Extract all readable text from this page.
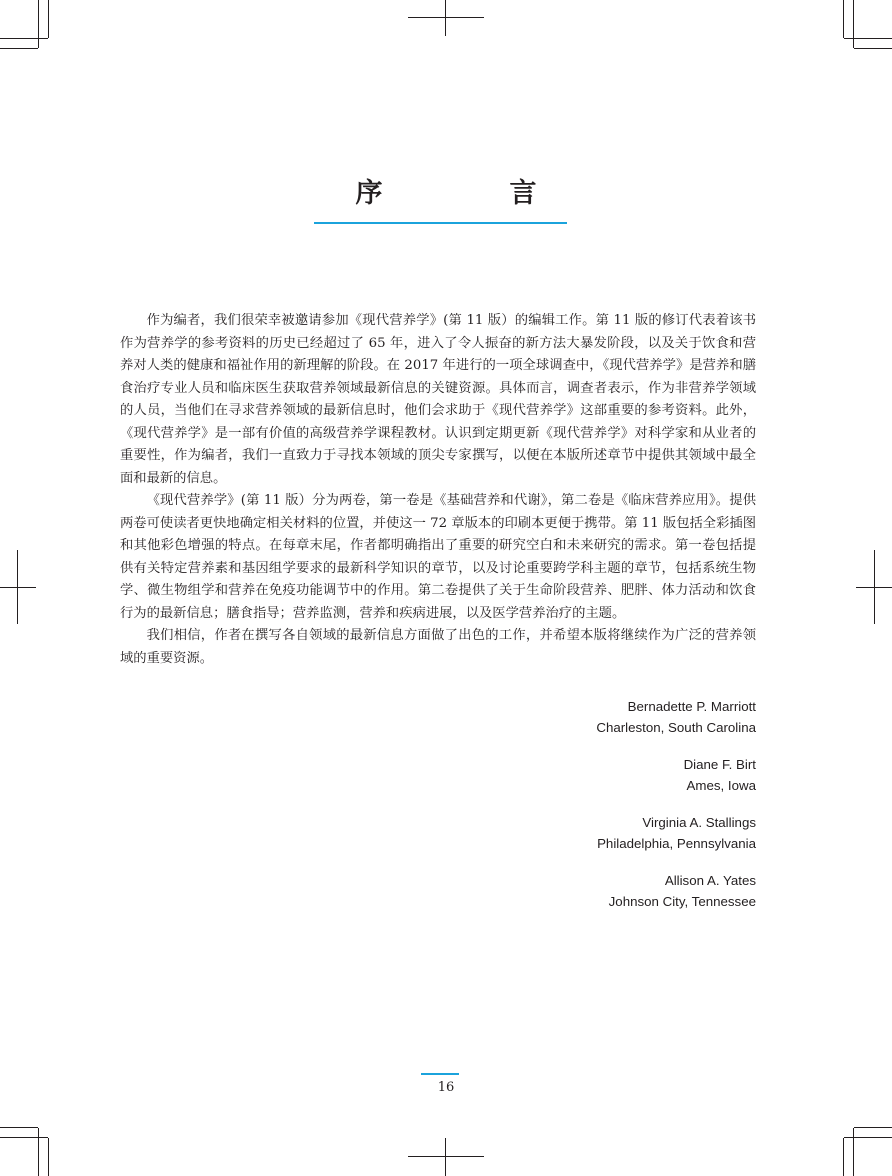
序　言

作为编者，我们很荣幸被邀请参加《现代营养学》(第 11 版）的编辑工作。第 11 版的修订代表着该书作为营养学的参考资料的历史已经超过了 65 年，进入了令人振奋的新方法大暴发阶段，以及关于饮食和营养对人类的健康和福祉作用的新理解的阶段。在 2017 年进行的一项全球调查中，《现代营养学》是营养和膳食治疗专业人员和临床医生获取营养领域最新信息的关键资源。具体而言，调查者表示，作为非营养学领域的人员，当他们在寻求营养领域的最新信息时，他们会求助于《现代营养学》这部重要的参考资料。此外，《现代营养学》是一部有价值的高级营养学课程教材。认识到定期更新《现代营养学》对科学家和从业者的重要性，作为编者，我们一直致力于寻找本领域的顶尖专家撰写，以便在本版所述章节中提供其领域中最全面和最新的信息。

《现代营养学》(第 11 版）分为两卷，第一卷是《基础营养和代谢》，第二卷是《临床营养应用》。提供两卷可使读者更快地确定相关材料的位置，并使这一 72 章版本的印刷本更便于携带。第 11 版包括全彩插图和其他彩色增强的特点。在每章末尾，作者都明确指出了重要的研究空白和未来研究的需求。第一卷包括提供有关特定营养素和基因组学要求的最新科学知识的章节，以及讨论重要跨学科主题的章节，包括系统生物学、微生物组学和营养在免疫功能调节中的作用。第二卷提供了关于生命阶段营养、肥胖、体力活动和饮食行为的最新信息；膳食指导；营养监测，营养和疾病进展，以及医学营养治疗的主题。

我们相信，作者在撰写各自领域的最新信息方面做了出色的工作，并希望本版将继续作为广泛的营养领域的重要资源。

Bernadette P. Marriott
Charleston, South Carolina
Diane F. Birt
Ames, Iowa
Virginia A. Stallings
Philadelphia, Pennsylvania
Allison A. Yates
Johnson City, Tennessee
16
